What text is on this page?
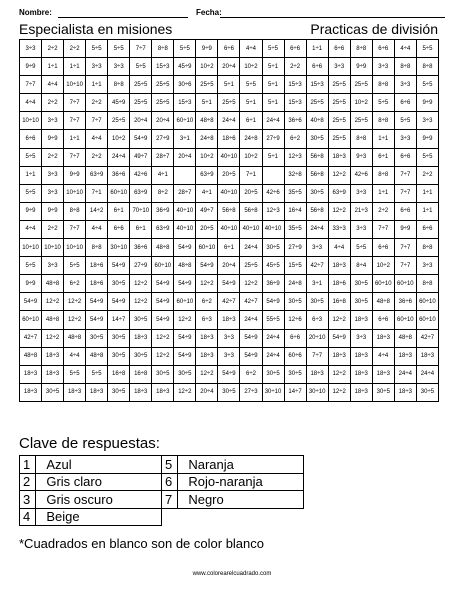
Nombre:	Fecha:
Especialista en misiones	Practicas de división
3÷3	2÷2	2÷2	5÷5	5÷5	7÷7	8÷8	5÷5	9÷9	6÷6	4÷4	5÷5	6÷6	1÷1	6÷6	8÷8	6÷6	4÷4	5÷5
9÷9	1÷1	1÷1	3÷3	3÷3	5÷5	15÷3	45÷9	10÷2	20÷4	10÷2	5÷1	2÷2	6÷6	3÷3	9÷9	3÷3	8÷8	8÷8
7÷7	4÷4	10÷10	1÷1	8÷8	25÷5	25÷5	30÷6	25÷5	5÷1	5÷5	5÷1	15÷3	15÷3	25÷5	25÷5	8÷8	3÷3	5÷5
4÷4	2÷2	7÷7	2÷2	45÷9	25÷5	25÷5	15÷3	5÷1	25÷5	5÷1	5÷1	15÷3	25÷5	25÷5	10÷2	5÷5	6÷6	9÷9
10÷10	3÷3	7÷7	7÷7	25÷5	20÷4	20÷4	60÷10	48÷8	24÷4	6÷1	24÷4	36÷6	40÷8	25÷5	25÷5	8÷8	5÷5	3÷3
6÷6	9÷9	1÷1	4÷4	10÷2	54÷9	27÷9	3÷1	24÷8	18÷6	24÷8	27÷9	6÷2	30÷5	25÷5	8÷8	1÷1	3÷3	9÷9
5÷5	2÷2	7÷7	2÷2	24÷4	49÷7	28÷7	20÷4	10÷2	40÷10	10÷2	5÷1	12÷3	56÷8	18÷3	9÷3	6÷1	6÷6	5÷5
1÷1	3÷3	9÷9	63÷9	36÷6	42÷6	4÷1		63÷9	20÷5	7÷1		32÷8	56÷8	12÷2	42÷6	8÷8	7÷7	2÷2
5÷5	3÷3	10÷10	7÷1	60÷10	63÷9	8÷2	28÷7	4÷1	40÷10	20÷5	42÷6	35÷5	30÷5	63÷9	3÷3	1÷1	7÷7	1÷1
9÷9	9÷9	8÷8	14÷2	6÷1	70÷10	36÷9	40÷10	49÷7	56÷8	56÷8	12÷3	16÷4	56÷8	12÷2	21÷3	2÷2	6÷6	1÷1
4÷4	2÷2	7÷7	4÷4	6÷6	6÷1	63÷9	40÷10	20÷5	40÷10	40÷10	40÷10	35÷5	24÷4	33÷3	3÷3	7÷7	9÷9	6÷6
10÷10	10÷10	10÷10	8÷8	30÷10	36÷6	48÷8	54÷9	60÷10	6÷1	24÷4	30÷5	27÷9	3÷3	4÷4	5÷5	6÷6	7÷7	8÷8
5÷5	3÷3	5÷5	18÷6	54÷9	27÷9	60÷10	48÷8	54÷9	20÷4	25÷5	45÷5	15÷5	42÷7	18÷3	8÷4	10÷2	7÷7	3÷3
9÷9	48÷8	6÷2	18÷6	30÷5	12÷2	54÷9	54÷9	12÷2	54÷9	12÷2	36÷9	24÷8	3÷1	18÷6	30÷5	60÷10	60÷10	8÷8
54÷9	12÷2	12÷2	54÷9	54÷9	12÷2	54÷9	60÷10	6÷2	42÷7	42÷7	54÷9	30÷5	30÷5	16÷8	30÷5	48÷8	36÷6	60÷10
60÷10	48÷8	12÷2	54÷9	14÷7	30÷5	54÷9	12÷2	6÷3	18÷3	24÷4	55÷5	12÷6	6÷3	12÷2	18÷3	6÷6	60÷10	60÷10
42÷7	12÷2	48÷8	30÷5	30÷5	18÷3	12÷2	54÷9	18÷3	3÷3	54÷9	24÷4	6÷6	20÷10	54÷9	3÷3	18÷3	48÷8	42÷7
48÷8	18÷3	4÷4	48÷8	30÷5	30÷5	12÷2	54÷9	18÷3	3÷3	54÷9	24÷4	60÷6	7÷7	18÷3	18÷3	4÷4	18÷3	18÷3
18÷3	18÷3	5÷5	5÷5	16÷8	16÷8	30÷5	30÷5	12÷2	54÷9	6÷2	30÷5	30÷5	18÷3	12÷2	18÷3	18÷3	24÷4	24÷4
18÷3	30÷5	18÷3	18÷3	30÷5	18÷3	18÷3	12÷2	20÷4	30÷5	27÷3	30÷10	14÷7	30÷10	12÷2	18÷3	30÷5	18÷3	30÷5
Clave de respuestas:
1	Azul	5	Naranja
2	Gris claro	6	Rojo-naranja
3	Gris oscuro	7	Negro
4	Beige		
*Cuadrados en blanco son de color blanco
www.colorearelcuadrado.com
